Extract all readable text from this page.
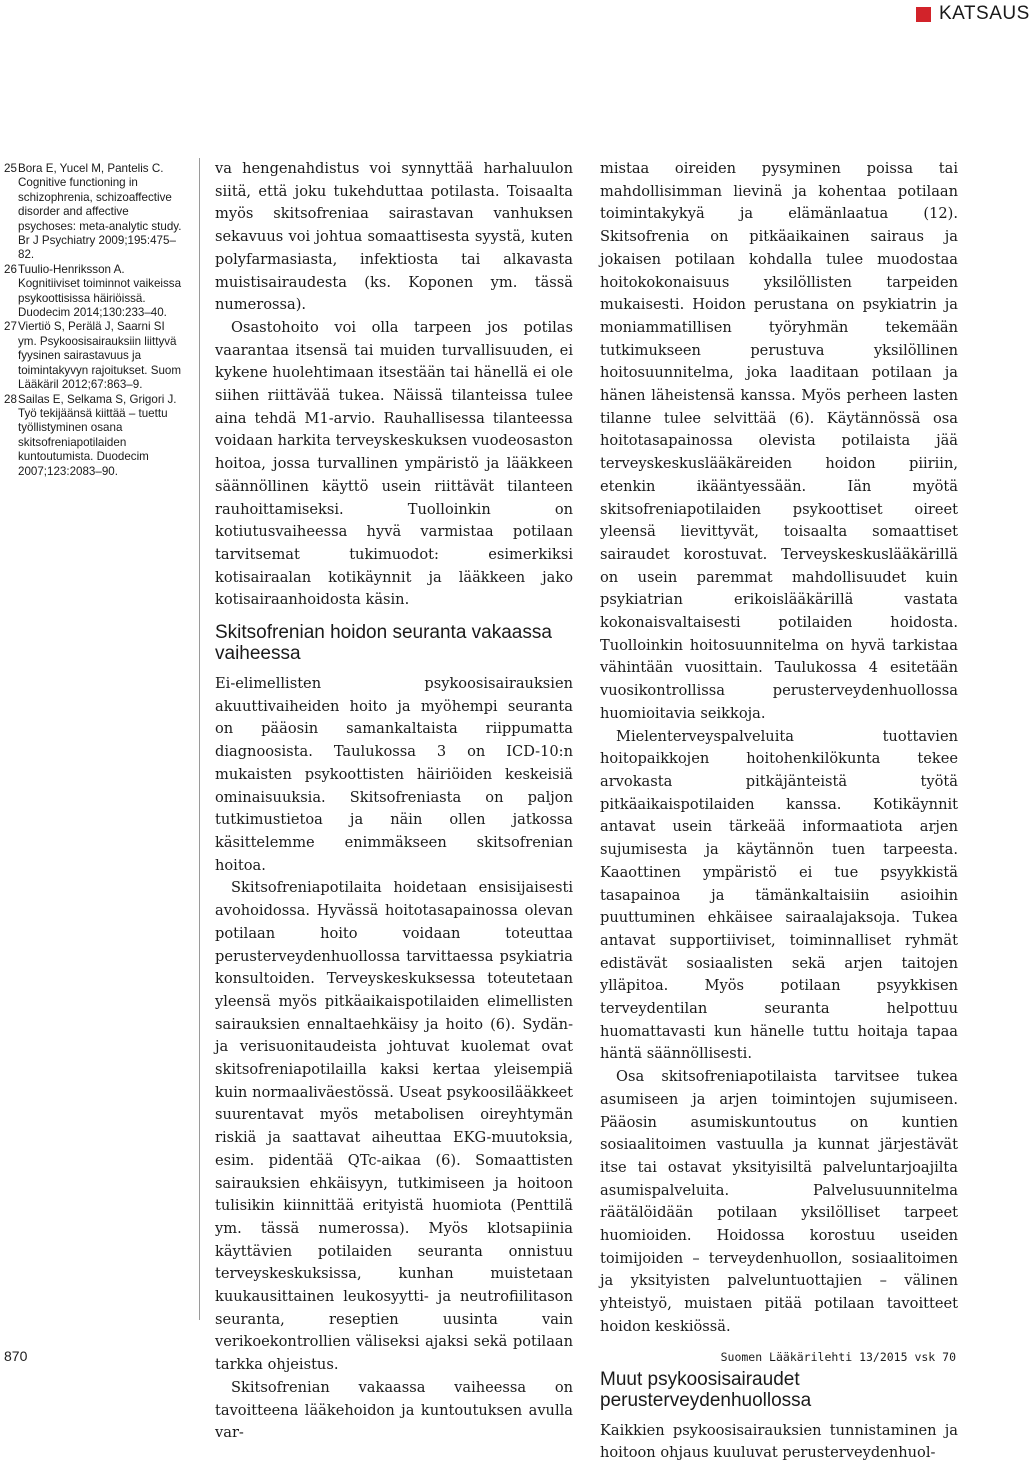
KATSAUS

25 Bora E, Yucel M, Pantelis C. Cognitive functioning in schizophrenia, schizoaffective disorder and affective psychoses: meta-analytic study. Br J Psychiatry 2009;195:475–82.

26 Tuulio-Henriksson A. Kognitiiviset toiminnot vaikeissa psykoottisissa häiriöissä. Duodecim 2014;130:233–40.

27 Viertiö S, Perälä J, Saarni SI ym. Psykoosisairauksiin liittyvä fyysinen sairastavuus ja toimintakyvyn rajoitukset. Suom Lääkäril 2012;67:863–9.

28 Sailas E, Selkama S, Grigori J. Työ tekijäänsä kiittää – tuettu työllistyminen osana skitsofreniapotilaiden kuntoutumista. Duodecim 2007;123:2083–90.

va hengenahdistus voi synnyttää harhaluulon siitä, että joku tukehduttaa potilasta. Toisaalta myös skitsofreniaa sairastavan vanhuksen sekavuus voi johtua somaattisesta syystä, kuten polyfarmasiasta, infektiosta tai alkavasta muistisairaudesta (ks. Koponen ym. tässä numerossa).

Osastohoito voi olla tarpeen jos potilas vaarantaa itsensä tai muiden turvallisuuden, ei kykene huolehtimaan itsestään tai hänellä ei ole siihen riittävää tukea. Näissä tilanteissa tulee aina tehdä M1-arvio. Rauhallisessa tilanteessa voidaan harkita terveyskeskuksen vuodeosaston hoitoa, jossa turvallinen ympäristö ja lääkkeen säännöllinen käyttö usein riittävät tilanteen rauhoittamiseksi. Tuolloinkin on kotiutusvaiheessa hyvä varmistaa potilaan tarvitsemat tukimuodot: esimerkiksi kotisairaalan kotikäynnit ja lääkkeen jako kotisairaanhoidosta käsin.

Skitsofrenian hoidon seuranta vakaassa vaiheessa

Ei-elimellisten psykoosisairauksien akuuttivaiheiden hoito ja myöhempi seuranta on pääosin samankaltaista riippumatta diagnoosista. Taulukossa 3 on ICD-10:n mukaisten psykoottisten häiriöiden keskeisiä ominaisuuksia. Skitsofreniasta on paljon tutkimustietoa ja näin ollen jatkossa käsittelemme enimmäkseen skitsofrenian hoitoa.

Skitsofreniapotilaita hoidetaan ensisijaisesti avohoidossa. Hyvässä hoitotasapainossa olevan potilaan hoito voidaan toteuttaa perusterveydenhuollossa tarvittaessa psykiatria konsultoiden. Terveyskeskuksessa toteutetaan yleensä myös pitkäaikaispotilaiden elimellisten sairauksien ennaltaehkäisy ja hoito (6). Sydän- ja verisuonitaudeista johtuvat kuolemat ovat skitsofreniapotilailla kaksi kertaa yleisempiä kuin normaaliväestössä. Useat psykoosilääkkeet suurentavat myös metabolisen oireyhtymän riskiä ja saattavat aiheuttaa EKG-muutoksia, esim. pidentää QTc-aikaa (6). Somaattisten sairauksien ehkäisyyn, tutkimiseen ja hoitoon tulisikin kiinnittää erityistä huomiota (Penttilä ym. tässä numerossa). Myös klotsapiinia käyttävien potilaiden seuranta onnistuu terveyskeskuksissa, kunhan muistetaan kuukausittainen leukosyytti- ja neutrofiilitason seuranta, reseptien uusinta vain verikoekontrollien väliseksi ajaksi sekä potilaan tarkka ohjeistus.

Skitsofrenian vakaassa vaiheessa on tavoitteena lääkehoidon ja kuntoutuksen avulla var-

mistaa oireiden pysyminen poissa tai mahdollisimman lievinä ja kohentaa potilaan toimintakykyä ja elämänlaatua (12). Skitsofrenia on pitkäaikainen sairaus ja jokaisen potilaan kohdalla tulee muodostaa hoitokokonaisuus yksilöllisten tarpeiden mukaisesti. Hoidon perustana on psykiatrin ja moniammatillisen työryhmän tekemään tutkimukseen perustuva yksilöllinen hoitosuunnitelma, joka laaditaan potilaan ja hänen läheistensä kanssa. Myös perheen lasten tilanne tulee selvittää (6). Käytännössä osa hoitotasapainossa olevista potilaista jää terveyskeskuslääkäreiden hoidon piiriin, etenkin ikääntyessään. Iän myötä skitsofreniapotilaiden psykoottiset oireet yleensä lievittyvät, toisaalta somaattiset sairaudet korostuvat. Terveyskeskuslääkärillä on usein paremmat mahdollisuudet kuin psykiatrian erikoislääkärillä vastata kokonaisvaltaisesti potilaiden hoidosta. Tuolloinkin hoitosuunnitelma on hyvä tarkistaa vähintään vuosittain. Taulukossa 4 esitetään vuosikontrollissa perusterveydenhuollossa huomioitavia seikkoja.

Mielenterveyspalveluita tuottavien hoitopaikkojen hoitohenkilökunta tekee arvokasta pitkäjänteistä työtä pitkäaikaispotilaiden kanssa. Kotikäynnit antavat usein tärkeää informaatiota arjen sujumisesta ja käytännön tuen tarpeesta. Kaaottinen ympäristö ei tue psyykkistä tasapainoa ja tämänkaltaisiin asioihin puuttuminen ehkäisee sairaalajaksoja. Tukea antavat supportiiviset, toiminnalliset ryhmät edistävät sosiaalisten sekä arjen taitojen ylläpitoa. Myös potilaan psyykkisen terveydentilan seuranta helpottuu huomattavasti kun hänelle tuttu hoitaja tapaa häntä säännöllisesti.

Osa skitsofreniapotilaista tarvitsee tukea asumiseen ja arjen toimintojen sujumiseen. Pääosin asumiskuntoutus on kuntien sosiaalitoimen vastuulla ja kunnat järjestävät itse tai ostavat yksityisiltä palveluntarjoajilta asumispalveluita. Palvelusuunnitelma räätälöidään potilaan yksilölliset tarpeet huomioiden. Hoidossa korostuu useiden toimijoiden – terveydenhuollon, sosiaalitoimen ja yksityisten palveluntuottajien – välinen yhteistyö, muistaen pitää potilaan tavoitteet hoidon keskiössä.

Muut psykoosisairaudet perusterveydenhuollossa

Kaikkien psykoosisairauksien tunnistaminen ja hoitoon ohjaus kuuluvat perusterveydenhuol-

870	Suomen Lääkärilehti 13/2015 vsk 70
